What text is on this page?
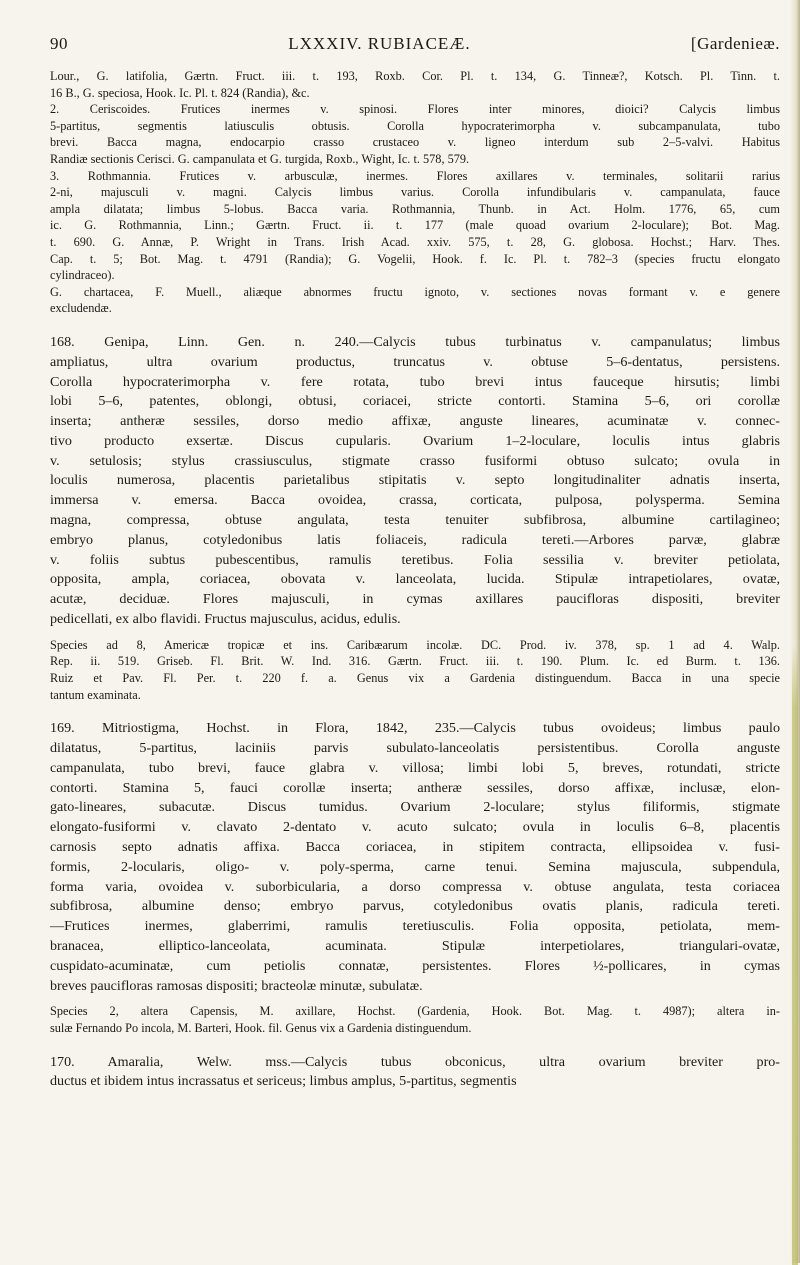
90	LXXXIV. RUBIACEÆ.	[Gardenieæ.
Lour., G. latifolia, Gærtn. Fruct. iii. t. 193, Roxb. Cor. Pl. t. 134, G. Tinneæ?, Kotsch. Pl. Tinn. t.
16 B., G. speciosa, Hook. Ic. Pl. t. 824 (Randia), &c.
2. Ceriscoides. Frutices inermes v. spinosi. Flores inter minores, dioici? Calycis limbus
5-partitus, segmentis latiusculis obtusis. Corolla hypocraterimorpha v. subcampanulata, tubo
brevi. Bacca magna, endocarpio crasso crustaceo v. ligneo interdum sub 2–5-valvi. Habitus
Randiæ sectionis Cerisci. G. campanulata et G. turgida, Roxb., Wight, Ic. t. 578, 579.
3. Rothmannia. Frutices v. arbusculæ, inermes. Flores axillares v. terminales, solitarii rarius
2-ni, majusculi v. magni. Calycis limbus varius. Corolla infundibularis v. campanulata, fauce
ampla dilatata; limbus 5-lobus. Bacca varia. Rothmannia, Thunb. in Act. Holm. 1776, 65, cum
ic. G. Rothmannia, Linn.; Gærtn. Fruct. ii. t. 177 (male quoad ovarium 2-loculare); Bot. Mag.
t. 690. G. Annæ, P. Wright in Trans. Irish Acad. xxiv. 575, t. 28, G. globosa. Hochst.; Harv. Thes.
Cap. t. 5; Bot. Mag. t. 4791 (Randia); G. Vogelii, Hook. f. Ic. Pl. t. 782–3 (species fructu elongato
cylindraceo).
G. chartacea, F. Muell., aliæque abnormes fructu ignoto, v. sectiones novas formant v. e genere
excludendæ.
168. Genipa, Linn. Gen. n. 240.—Calycis tubus turbinatus v. campanulatus; limbus
ampliatus, ultra ovarium productus, truncatus v. obtuse 5–6-dentatus, persistens.
Corolla hypocraterimorpha v. fere rotata, tubo brevi intus fauceque hirsutis; limbi
lobi 5–6, patentes, oblongi, obtusi, coriacei, stricte contorti. Stamina 5–6, ori corollæ
inserta; antheræ sessiles, dorso medio affixæ, anguste lineares, acuminatæ v. connec-
tivo producto exsertæ. Discus cupularis. Ovarium 1–2-loculare, loculis intus glabris
v. setulosis; stylus crassiusculus, stigmate crasso fusiformi obtuso sulcato; ovula in
loculis numerosa, placentis parietalibus stipitatis v. septo longitudinaliter adnatis inserta,
immersa v. emersa. Bacca ovoidea, crassa, corticata, pulposa, polysperma. Semina
magna, compressa, obtuse angulata, testa tenuiter subfibrosa, albumine cartilagineo;
embryo planus, cotyledonibus latis foliaceis, radicula tereti.—Arbores parvæ, glabræ
v. foliis subtus pubescentibus, ramulis teretibus. Folia sessilia v. breviter petiolata,
opposita, ampla, coriacea, obovata v. lanceolata, lucida. Stipulæ intrapetiolares, ovatæ,
acutæ, deciduæ. Flores majusculi, in cymas axillares paucifloras dispositi, breviter
pedicellati, ex albo flavidi. Fructus majusculus, acidus, edulis.
Species ad 8, Americæ tropicæ et ins. Caribæarum incolæ. DC. Prod. iv. 378, sp. 1 ad 4. Walp.
Rep. ii. 519. Griseb. Fl. Brit. W. Ind. 316. Gærtn. Fruct. iii. t. 190. Plum. Ic. ed Burm. t. 136.
Ruiz et Pav. Fl. Per. t. 220 f. a. Genus vix a Gardenia distinguendum. Bacca in una specie
tantum examinata.
169. Mitriostigma, Hochst. in Flora, 1842, 235.—Calycis tubus ovoideus; limbus paulo
dilatatus, 5-partitus, laciniis parvis subulato-lanceolatis persistentibus. Corolla anguste
campanulata, tubo brevi, fauce glabra v. villosa; limbi lobi 5, breves, rotundati, stricte
contorti. Stamina 5, fauci corollæ inserta; antheræ sessiles, dorso affixæ, inclusæ, elon-
gato-lineares, subacutæ. Discus tumidus. Ovarium 2-loculare; stylus filiformis, stigmate
elongato-fusiformi v. clavato 2-dentato v. acuto sulcato; ovula in loculis 6–8, placentis
carnosis septo adnatis affixa. Bacca coriacea, in stipitem contracta, ellipsoidea v. fusi-
formis, 2-locularis, oligo- v. poly-sperma, carne tenui. Semina majuscula, subpendula,
forma varia, ovoidea v. suborbicularia, a dorso compressa v. obtuse angulata, testa coriacea
subfibrosa, albumine denso; embryo parvus, cotyledonibus ovatis planis, radicula tereti.
—Frutices inermes, glaberrimi, ramulis teretiusculis. Folia opposita, petiolata, mem-
branacea, elliptico-lanceolata, acuminata. Stipulæ interpetiolares, triangulari-ovatæ,
cuspidato-acuminatæ, cum petiolis connatæ, persistentes. Flores ½-pollicares, in cymas
breves paucifloras ramosas dispositi; bracteolæ minutæ, subulatæ.
Species 2, altera Capensis, M. axillare, Hochst. (Gardenia, Hook. Bot. Mag. t. 4987); altera in-
sulæ Fernando Po incola, M. Barteri, Hook. fil. Genus vix a Gardenia distinguendum.
170. Amaralia, Welw. mss.—Calycis tubus obconicus, ultra ovarium breviter pro-
ductus et ibidem intus incrassatus et sericeus; limbus amplus, 5-partitus, segmentis
